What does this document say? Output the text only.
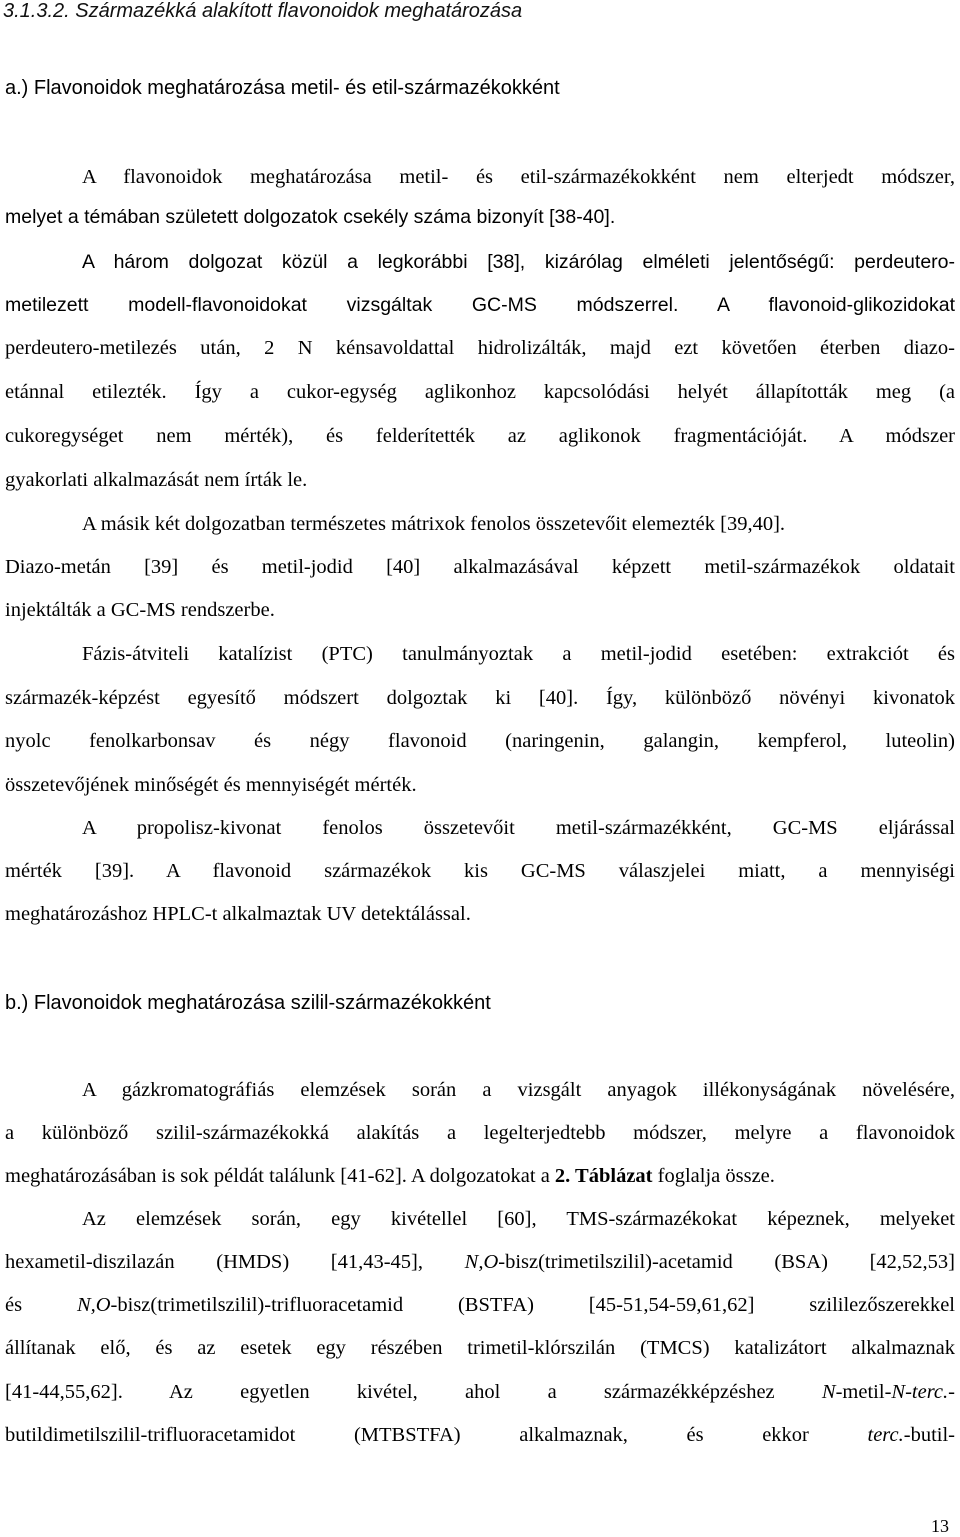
3.1.3.2. Származékká alakított flavonoidok meghatározása
a.) Flavonoidok meghatározása metil- és etil-származékokként
A flavonoidok meghatározása metil- és etil-származékokként nem elterjedt módszer,
melyet a témában született dolgozatok csekély száma bizonyít [38-40].
A három dolgozat közül a legkorábbi [38], kizárólag elméleti jelentőségű: perdeutero-
metilezett modell-flavonoidokat vizsgáltak GC-MS módszerrel. A flavonoid-glikozidokat
perdeutero-metilezés után, 2 N kénsavoldattal hidrolizálták, majd ezt követően éterben diazo-
etánnal etilezték. Így a cukor-egység aglikonhoz kapcsolódási helyét állapították meg (a
cukoregységet nem mérték), és felderítették az aglikonok fragmentációját. A módszer
gyakorlati alkalmazását nem írták le.
A másik két dolgozatban természetes mátrixok fenolos összetevőit elemezték [39,40].
Diazo-metán [39] és metil-jodid [40] alkalmazásával képzett metil-származékok oldatait
injektálták a GC-MS rendszerbe.
Fázis-átviteli katalízist (PTC) tanulmányoztak a metil-jodid esetében: extrakciót és
származék-képzést egyesítő módszert dolgoztak ki [40]. Így, különböző növényi kivonatok
nyolc fenolkarbonsav és négy flavonoid (naringenin, galangin, kempferol, luteolin)
összetevőjének minőségét és mennyiségét mérték.
A propolisz-kivonat fenolos összetevőit metil-származékként, GC-MS eljárással
mérték [39]. A flavonoid származékok kis GC-MS válaszjelei miatt, a mennyiségi
meghatározáshoz HPLC-t alkalmaztak UV detektálással.
b.) Flavonoidok meghatározása szilil-származékokként
A gázkromatográfiás elemzések során a vizsgált anyagok illékonyságának növelésére,
a különböző szilil-származékokká alakítás a legelterjedtebb módszer, melyre a flavonoidok
meghatározásában is sok példát találunk [41-62]. A dolgozatokat a 2. Táblázat foglalja össze.
Az elemzések során, egy kivétellel [60], TMS-származékokat képeznek, melyeket
hexametil-diszilazán (HMDS) [41,43-45], N,O-bisz(trimetilszilil)-acetamid (BSA) [42,52,53]
és N,O-bisz(trimetilszilil)-trifluoracetamid (BSTFA) [45-51,54-59,61,62] szililezőszerekkel
állítanak elő, és az esetek egy részében trimetil-klórszilán (TMCS) katalizátort alkalmaznak
[41-44,55,62]. Az egyetlen kivétel, ahol a származékképzéshez N-metil-N-terc.-
butildimetilszilil-trifluoracetamidot (MTBSTFA) alkalmaznak, és ekkor terc.-butil-
13
